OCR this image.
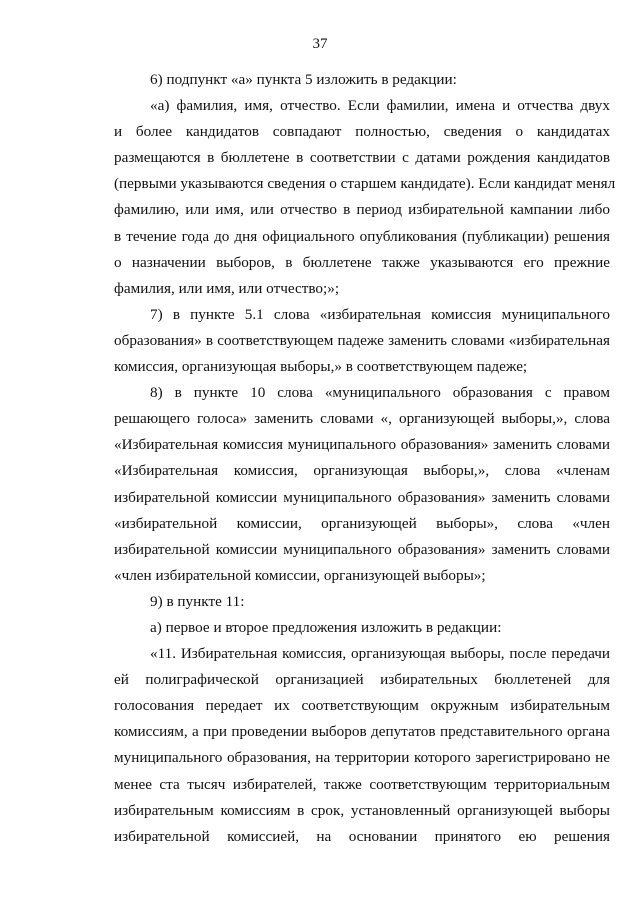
37
6) подпункт «а» пункта 5 изложить в редакции:
«а) фамилия, имя, отчество. Если фамилии, имена и отчества двух
и более кандидатов совпадают полностью, сведения о кандидатах
размещаются в бюллетене в соответствии с датами рождения кандидатов
(первыми указываются сведения о старшем кандидате). Если кандидат менял
фамилию, или имя, или отчество в период избирательной кампании либо
в течение года до дня официального опубликования (публикации) решения
о назначении выборов, в бюллетене также указываются его прежние
фамилия, или имя, или отчество;»;
7) в пункте 5.1 слова «избирательная комиссия муниципального
образования» в соответствующем падеже заменить словами «избирательная
комиссия, организующая выборы,» в соответствующем падеже;
8) в пункте 10 слова «муниципального образования с правом
решающего голоса» заменить словами «, организующей выборы,», слова
«Избирательная комиссия муниципального образования» заменить словами
«Избирательная комиссия, организующая выборы,», слова «членам
избирательной комиссии муниципального образования» заменить словами
«избирательной комиссии, организующей выборы», слова «член
избирательной комиссии муниципального образования» заменить словами
«член избирательной комиссии, организующей выборы»;
9) в пункте 11:
а) первое и второе предложения изложить в редакции:
«11. Избирательная комиссия, организующая выборы, после передачи
ей полиграфической организацией избирательных бюллетеней для
голосования передает их соответствующим окружным избирательным
комиссиям, а при проведении выборов депутатов представительного органа
муниципального образования, на территории которого зарегистрировано не
менее ста тысяч избирателей, также соответствующим территориальным
избирательным комиссиям в срок, установленный организующей выборы
избирательной комиссией, на основании принятого ею решения
